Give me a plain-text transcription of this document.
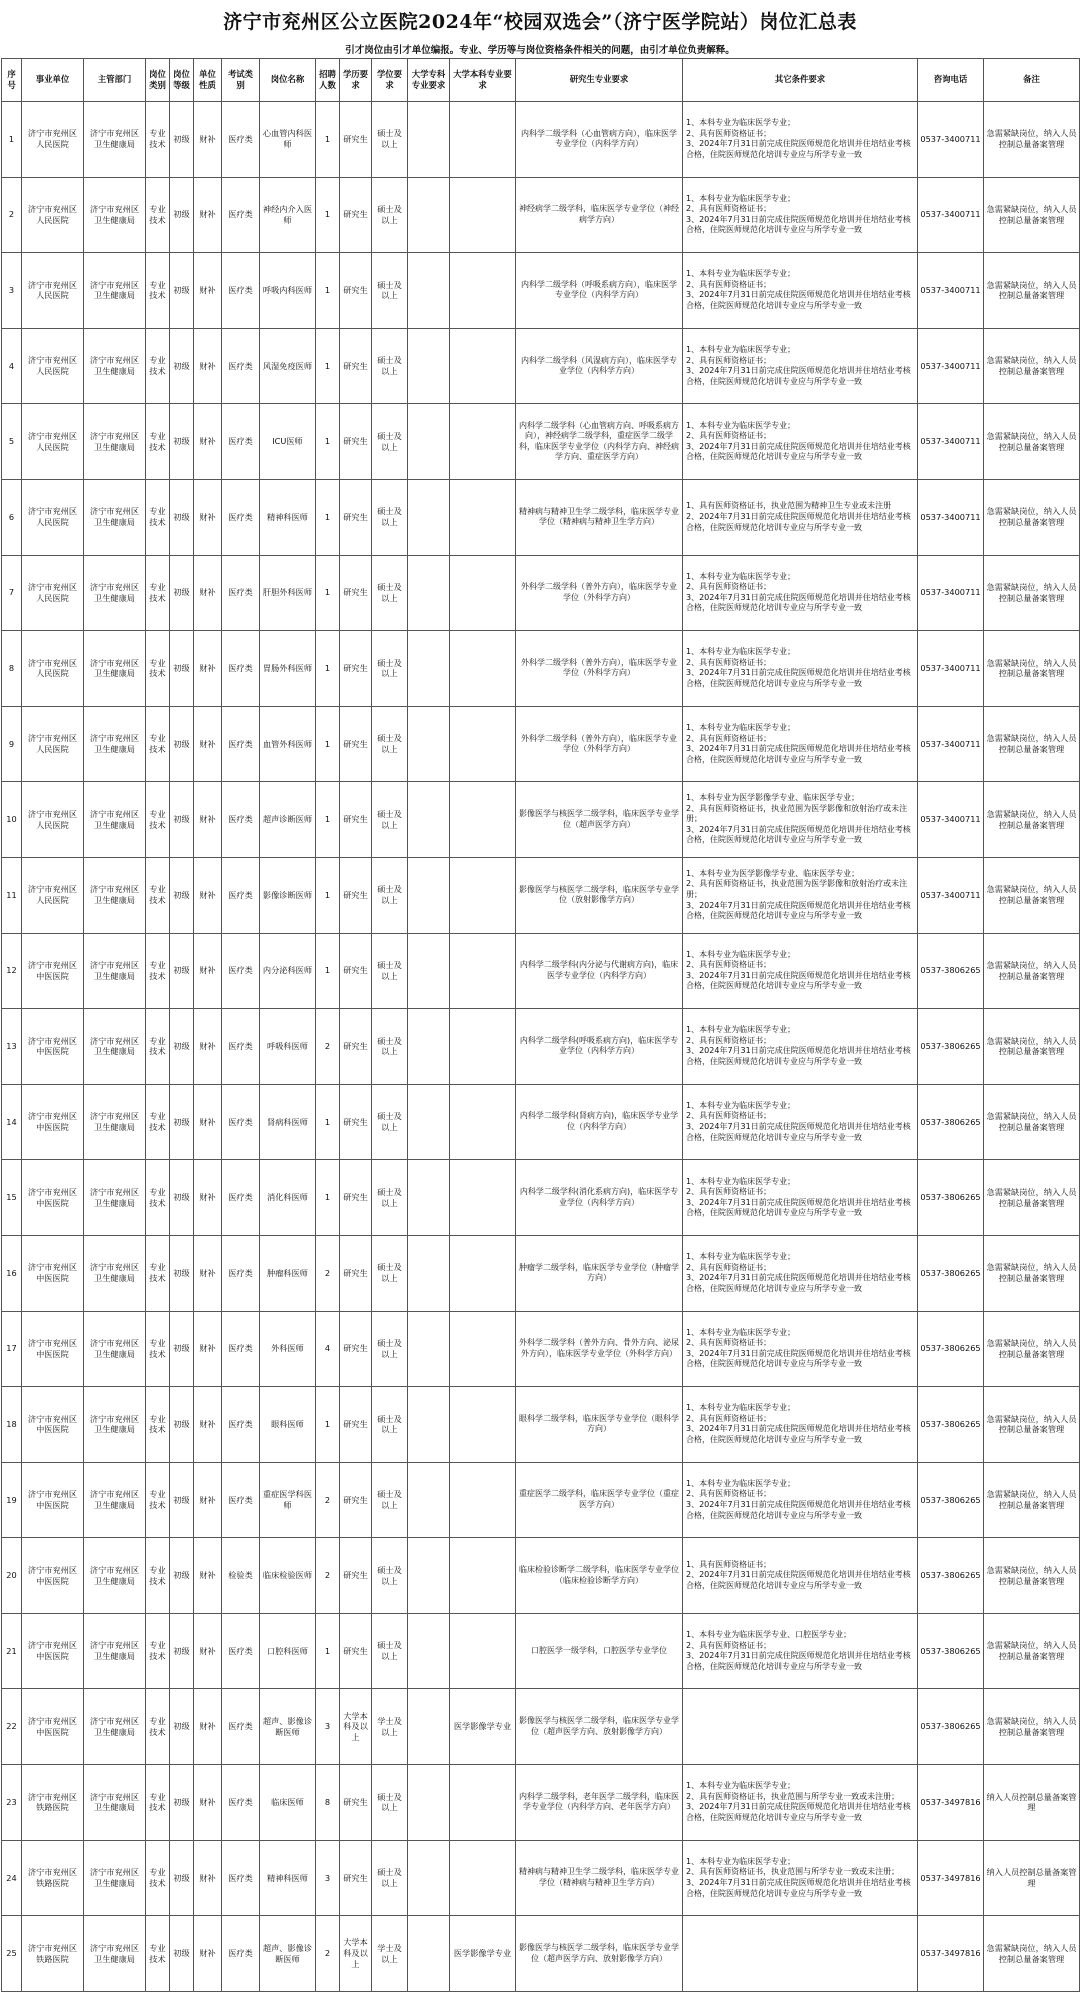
济宁市兖州区公立医院2024年“校园双选会”（济宁医学院站）岗位汇总表
引才岗位由引才单位编报。专业、学历等与岗位资格条件相关的问题，由引才单位负责解释。
序号	事业单位	主管部门	岗位类别	岗位等级	单位性质	考试类别	岗位名称	招聘人数	学历要求	学位要求	大学专科专业要求	大学本科专业要求	研究生专业要求	其它条件要求	咨询电话	备注
1	济宁市兖州区人民医院	济宁市兖州区卫生健康局	专业技术	初级	财补	医疗类	心血管内科医师	1	研究生	硕士及以上			内科学二级学科（心血管病方向），临床医学专业学位（内科学方向）	1、本科专业为临床医学专业；
2、具有医师资格证书；
3、2024年7月31日前完成住院医师规范化培训并住培结业考核合格，住院医师规范化培训专业应与所学专业一致	0537-3400711	急需紧缺岗位，纳入人员控制总量备案管理
2	济宁市兖州区人民医院	济宁市兖州区卫生健康局	专业技术	初级	财补	医疗类	神经内介入医师	1	研究生	硕士及以上			神经病学二级学科，临床医学专业学位（神经病学方向）	1、本科专业为临床医学专业；
2、具有医师资格证书；
3、2024年7月31日前完成住院医师规范化培训并住培结业考核合格，住院医师规范化培训专业应与所学专业一致	0537-3400711	急需紧缺岗位，纳入人员控制总量备案管理
3	济宁市兖州区人民医院	济宁市兖州区卫生健康局	专业技术	初级	财补	医疗类	呼吸内科医师	1	研究生	硕士及以上			内科学二级学科（呼吸系病方向），临床医学专业学位（内科学方向）	1、本科专业为临床医学专业；
2、具有医师资格证书；
3、2024年7月31日前完成住院医师规范化培训并住培结业考核合格，住院医师规范化培训专业应与所学专业一致	0537-3400711	急需紧缺岗位，纳入人员控制总量备案管理
4	济宁市兖州区人民医院	济宁市兖州区卫生健康局	专业技术	初级	财补	医疗类	风湿免疫医师	1	研究生	硕士及以上			内科学二级学科（风湿病方向），临床医学专业学位（内科学方向）	1、本科专业为临床医学专业；
2、具有医师资格证书；
3、2024年7月31日前完成住院医师规范化培训并住培结业考核合格，住院医师规范化培训专业应与所学专业一致	0537-3400711	急需紧缺岗位，纳入人员控制总量备案管理
5	济宁市兖州区人民医院	济宁市兖州区卫生健康局	专业技术	初级	财补	医疗类	ICU医师	1	研究生	硕士及以上			内科学二级学科（心血管病方向、呼吸系病方向），神经病学二级学科，重症医学二级学科，临床医学专业学位（内科学方向、神经病学方向、重症医学方向）	1、本科专业为临床医学专业；
2、具有医师资格证书；
3、2024年7月31日前完成住院医师规范化培训并住培结业考核合格，住院医师规范化培训专业应与所学专业一致	0537-3400711	急需紧缺岗位，纳入人员控制总量备案管理
6	济宁市兖州区人民医院	济宁市兖州区卫生健康局	专业技术	初级	财补	医疗类	精神科医师	1	研究生	硕士及以上			精神病与精神卫生学二级学科，临床医学专业学位（精神病与精神卫生学方向）	1、具有医师资格证书，执业范围为精神卫生专业或未注册
2、2024年7月31日前完成住院医师规范化培训并住培结业考核合格，住院医师规范化培训专业应与所学专业一致	0537-3400711	急需紧缺岗位，纳入人员控制总量备案管理
7	济宁市兖州区人民医院	济宁市兖州区卫生健康局	专业技术	初级	财补	医疗类	肝胆外科医师	1	研究生	硕士及以上			外科学二级学科（普外方向），临床医学专业学位（外科学方向）	1、本科专业为临床医学专业；
2、具有医师资格证书；
3、2024年7月31日前完成住院医师规范化培训并住培结业考核合格，住院医师规范化培训专业应与所学专业一致	0537-3400711	急需紧缺岗位，纳入人员控制总量备案管理
8	济宁市兖州区人民医院	济宁市兖州区卫生健康局	专业技术	初级	财补	医疗类	胃肠外科医师	1	研究生	硕士及以上			外科学二级学科（普外方向），临床医学专业学位（外科学方向）	1、本科专业为临床医学专业；
2、具有医师资格证书；
3、2024年7月31日前完成住院医师规范化培训并住培结业考核合格，住院医师规范化培训专业应与所学专业一致	0537-3400711	急需紧缺岗位，纳入人员控制总量备案管理
9	济宁市兖州区人民医院	济宁市兖州区卫生健康局	专业技术	初级	财补	医疗类	血管外科医师	1	研究生	硕士及以上			外科学二级学科（普外方向），临床医学专业学位（外科学方向）	1、本科专业为临床医学专业；
2、具有医师资格证书；
3、2024年7月31日前完成住院医师规范化培训并住培结业考核合格，住院医师规范化培训专业应与所学专业一致	0537-3400711	急需紧缺岗位，纳入人员控制总量备案管理
10	济宁市兖州区人民医院	济宁市兖州区卫生健康局	专业技术	初级	财补	医疗类	超声诊断医师	1	研究生	硕士及以上			影像医学与核医学二级学科，临床医学专业学位（超声医学方向）	1、本科专业为医学影像学专业、临床医学专业；
2、具有医师资格证书，执业范围为医学影像和放射治疗或未注册；
3、2024年7月31日前完成住院医师规范化培训并住培结业考核合格，住院医师规范化培训专业应与所学专业一致	0537-3400711	急需紧缺岗位，纳入人员控制总量备案管理
11	济宁市兖州区人民医院	济宁市兖州区卫生健康局	专业技术	初级	财补	医疗类	影像诊断医师	1	研究生	硕士及以上			影像医学与核医学二级学科，临床医学专业学位（放射影像学方向）	1、本科专业为医学影像学专业、临床医学专业；
2、具有医师资格证书，执业范围为医学影像和放射治疗或未注册；
3、2024年7月31日前完成住院医师规范化培训并住培结业考核合格，住院医师规范化培训专业应与所学专业一致	0537-3400711	急需紧缺岗位，纳入人员控制总量备案管理
12	济宁市兖州区中医医院	济宁市兖州区卫生健康局	专业技术	初级	财补	医疗类	内分泌科医师	1	研究生	硕士及以上			内科学二级学科(内分泌与代谢病方向)，临床医学专业学位（内科学方向）	1、本科专业为临床医学专业；
2、具有医师资格证书；
3、2024年7月31日前完成住院医师规范化培训并住培结业考核合格，住院医师规范化培训专业应与所学专业一致	0537-3806265	急需紧缺岗位，纳入人员控制总量备案管理
13	济宁市兖州区中医医院	济宁市兖州区卫生健康局	专业技术	初级	财补	医疗类	呼吸科医师	2	研究生	硕士及以上			内科学二级学科(呼吸系病方向)，临床医学专业学位（内科学方向）	1、本科专业为临床医学专业；
2、具有医师资格证书；
3、2024年7月31日前完成住院医师规范化培训并住培结业考核合格，住院医师规范化培训专业应与所学专业一致	0537-3806265	急需紧缺岗位，纳入人员控制总量备案管理
14	济宁市兖州区中医医院	济宁市兖州区卫生健康局	专业技术	初级	财补	医疗类	肾病科医师	1	研究生	硕士及以上			内科学二级学科(肾病方向)，临床医学专业学位（内科学方向）	1、本科专业为临床医学专业；
2、具有医师资格证书；
3、2024年7月31日前完成住院医师规范化培训并住培结业考核合格，住院医师规范化培训专业应与所学专业一致	0537-3806265	急需紧缺岗位，纳入人员控制总量备案管理
15	济宁市兖州区中医医院	济宁市兖州区卫生健康局	专业技术	初级	财补	医疗类	消化科医师	1	研究生	硕士及以上			内科学二级学科(消化系病方向)，临床医学专业学位（内科学方向）	1、本科专业为临床医学专业；
2、具有医师资格证书；
3、2024年7月31日前完成住院医师规范化培训并住培结业考核合格，住院医师规范化培训专业应与所学专业一致	0537-3806265	急需紧缺岗位，纳入人员控制总量备案管理
16	济宁市兖州区中医医院	济宁市兖州区卫生健康局	专业技术	初级	财补	医疗类	肿瘤科医师	2	研究生	硕士及以上			肿瘤学二级学科，临床医学专业学位（肿瘤学方向）	1、本科专业为临床医学专业；
2、具有医师资格证书；
3、2024年7月31日前完成住院医师规范化培训并住培结业考核合格，住院医师规范化培训专业应与所学专业一致	0537-3806265	急需紧缺岗位，纳入人员控制总量备案管理
17	济宁市兖州区中医医院	济宁市兖州区卫生健康局	专业技术	初级	财补	医疗类	外科医师	4	研究生	硕士及以上			外科学二级学科（普外方向、骨外方向、泌尿外方向），临床医学专业学位（外科学方向）	1、本科专业为临床医学专业；
2、具有医师资格证书；
3、2024年7月31日前完成住院医师规范化培训并住培结业考核合格，住院医师规范化培训专业应与所学专业一致	0537-3806265	急需紧缺岗位，纳入人员控制总量备案管理
18	济宁市兖州区中医医院	济宁市兖州区卫生健康局	专业技术	初级	财补	医疗类	眼科医师	1	研究生	硕士及以上			眼科学二级学科，临床医学专业学位（眼科学方向）	1、本科专业为临床医学专业；
2、具有医师资格证书；
3、2024年7月31日前完成住院医师规范化培训并住培结业考核合格，住院医师规范化培训专业应与所学专业一致	0537-3806265	急需紧缺岗位，纳入人员控制总量备案管理
19	济宁市兖州区中医医院	济宁市兖州区卫生健康局	专业技术	初级	财补	医疗类	重症医学科医师	2	研究生	硕士及以上			重症医学二级学科，临床医学专业学位（重症医学方向）	1、本科专业为临床医学专业；
2、具有医师资格证书；
3、2024年7月31日前完成住院医师规范化培训并住培结业考核合格，住院医师规范化培训专业应与所学专业一致	0537-3806265	急需紧缺岗位，纳入人员控制总量备案管理
20	济宁市兖州区中医医院	济宁市兖州区卫生健康局	专业技术	初级	财补	检验类	临床检验医师	2	研究生	硕士及以上			临床检验诊断学二级学科，临床医学专业学位（临床检验诊断学方向）	1、具有医师资格证书；
2、2024年7月31日前完成住院医师规范化培训并住培结业考核合格，住院医师规范化培训专业应与所学专业一致	0537-3806265	急需紧缺岗位，纳入人员控制总量备案管理
21	济宁市兖州区中医医院	济宁市兖州区卫生健康局	专业技术	初级	财补	医疗类	口腔科医师	1	研究生	硕士及以上			口腔医学一级学科，口腔医学专业学位	1、本科专业为临床医学专业、口腔医学专业；
2、具有医师资格证书；
3、2024年7月31日前完成住院医师规范化培训并住培结业考核合格，住院医师规范化培训专业应与所学专业一致	0537-3806265	急需紧缺岗位，纳入人员控制总量备案管理
22	济宁市兖州区中医医院	济宁市兖州区卫生健康局	专业技术	初级	财补	医疗类	超声、影像诊断医师	3	大学本科及以上	学士及以上		医学影像学专业	影像医学与核医学二级学科，临床医学专业学位（超声医学方向、放射影像学方向）		0537-3806265	急需紧缺岗位，纳入人员控制总量备案管理
23	济宁市兖州区铁路医院	济宁市兖州区卫生健康局	专业技术	初级	财补	医疗类	临床医师	8	研究生	硕士及以上			内科学二级学科，老年医学二级学科，临床医学专业学位（内科学方向、老年医学方向）	1、本科专业为临床医学专业；
2、具有医师资格证书，执业范围与所学专业一致或未注册；
3、2024年7月31日前完成住院医师规范化培训并住培结业考核合格，住院医师规范化培训专业应与所学专业一致	0537-3497816	纳入人员控制总量备案管理
24	济宁市兖州区铁路医院	济宁市兖州区卫生健康局	专业技术	初级	财补	医疗类	精神科医师	3	研究生	硕士及以上			精神病与精神卫生学二级学科，临床医学专业学位（精神病与精神卫生学方向）	1、本科专业为临床医学专业；
2、具有医师资格证书，执业范围与所学专业一致或未注册；
3、2024年7月31日前完成住院医师规范化培训并住培结业考核合格，住院医师规范化培训专业应与所学专业一致	0537-3497816	纳入人员控制总量备案管理
25	济宁市兖州区铁路医院	济宁市兖州区卫生健康局	专业技术	初级	财补	医疗类	超声、影像诊断医师	2	大学本科及以上	学士及以上		医学影像学专业	影像医学与核医学二级学科，临床医学专业学位（超声医学方向、放射影像学方向）		0537-3497816	急需紧缺岗位，纳入人员控制总量备案管理
